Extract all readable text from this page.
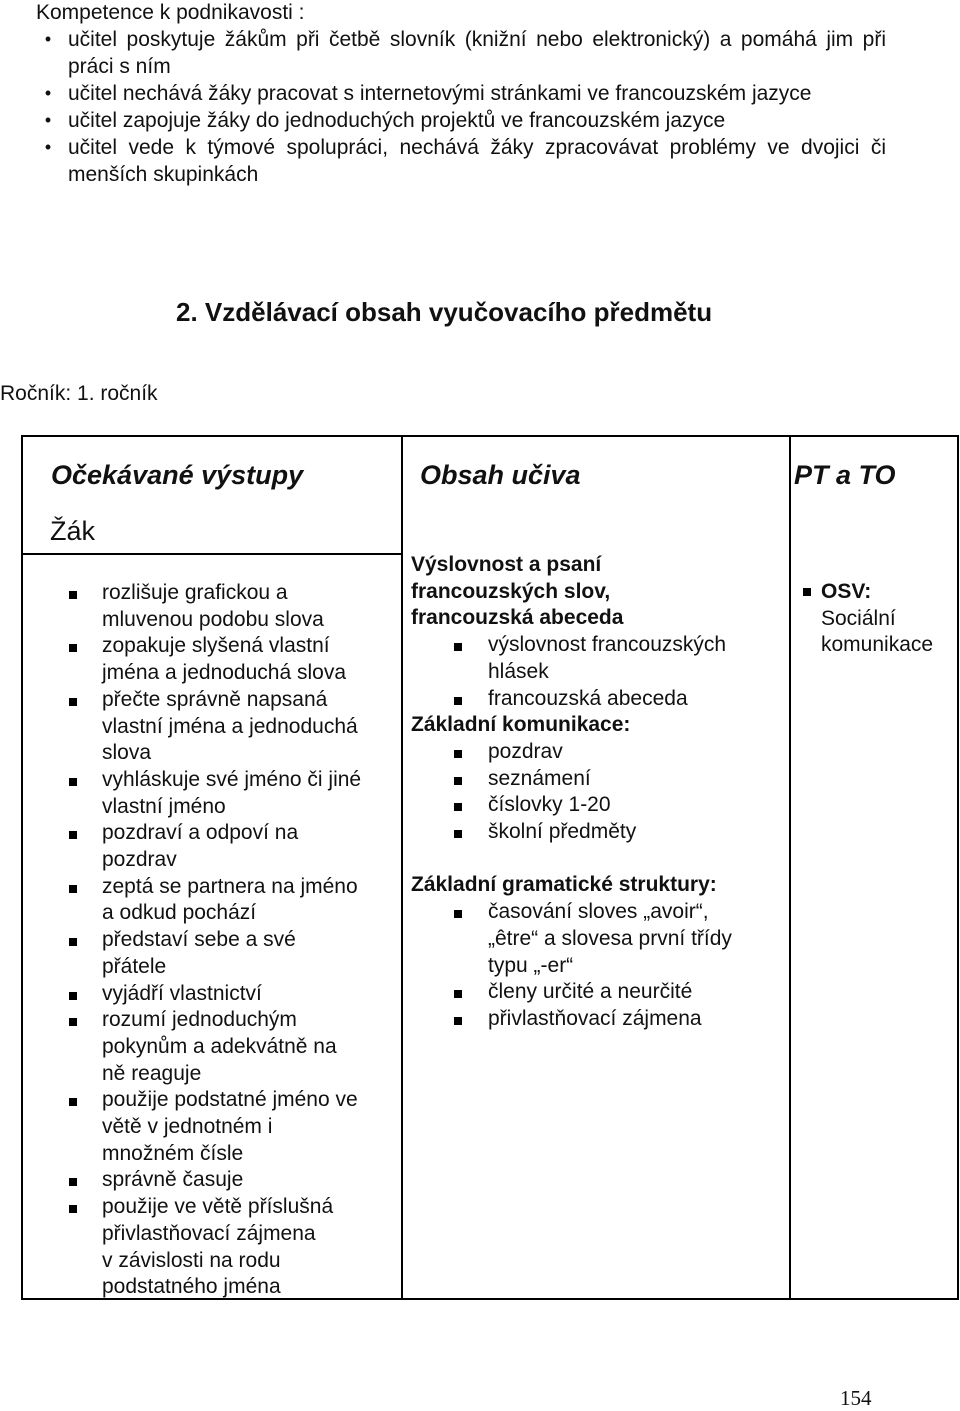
Kompetence k podnikavosti :
• učitel poskytuje žákům při četbě slovník (knižní nebo elektronický) a pomáhá jim při práci s ním
• učitel nechává žáky pracovat s internetovými stránkami ve francouzském jazyce
• učitel zapojuje žáky do jednoduchých projektů ve francouzském jazyce
• učitel vede k týmové spolupráci, nechává žáky zpracovávat problémy ve dvojici či menších skupinkách
2. Vzdělávací obsah vyučovacího předmětu
Ročník: 1. ročník
Očekávané výstupy	Obsah učiva	PT a TO
Žák
rozlišuje grafickou a
mluvenou podobu slova
zopakuje slyšená vlastní
jména a jednoduchá slova
přečte správně napsaná
vlastní jména a jednoduchá
slova
vyhláskuje své jméno či jiné
vlastní jméno
pozdraví a odpoví na
pozdrav
zeptá se partnera na jméno
a odkud pochází
představí sebe a své
přátele
vyjádří vlastnictví
rozumí jednoduchým
pokynům a adekvátně na
ně reaguje
použije podstatné jméno ve
větě v jednotném i
množném čísle
správně časuje
použije ve větě příslušná
přivlastňovací zájmena
v závislosti na rodu
podstatného jména
Výslovnost a psaní
francouzských slov,
francouzská abeceda
výslovnost francouzských
hlásek
francouzská abeceda
Základní komunikace:
pozdrav
seznámení
číslovky 1-20
školní předměty
Základní gramatické struktury:
časování sloves „avoir“,
„être“ a slovesa první třídy
typu „-er“
členy určité a neurčité
přivlastňovací zájmena
OSV:
Sociální
komunikace
154
